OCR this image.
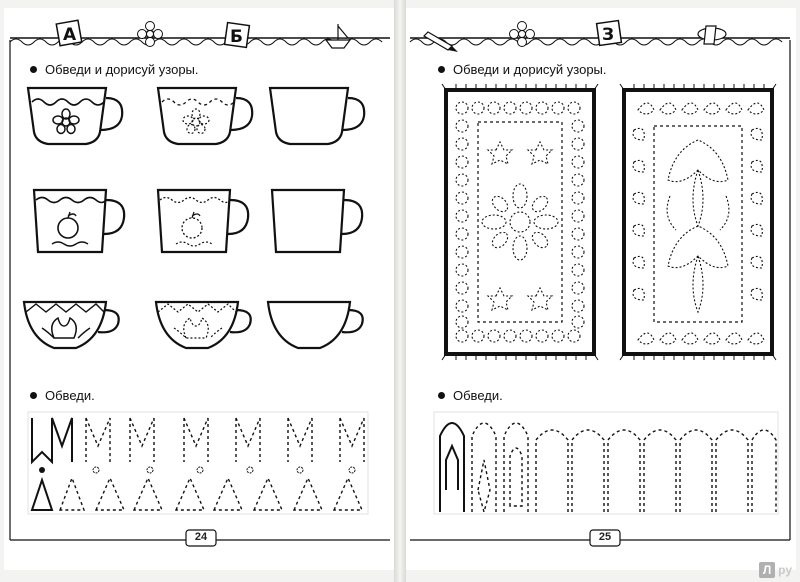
А	Б	З
Обведи и дорисуй узоры.
Обведи.
Обведи и дорисуй узоры.
Обведи.
24	25
Л ру
